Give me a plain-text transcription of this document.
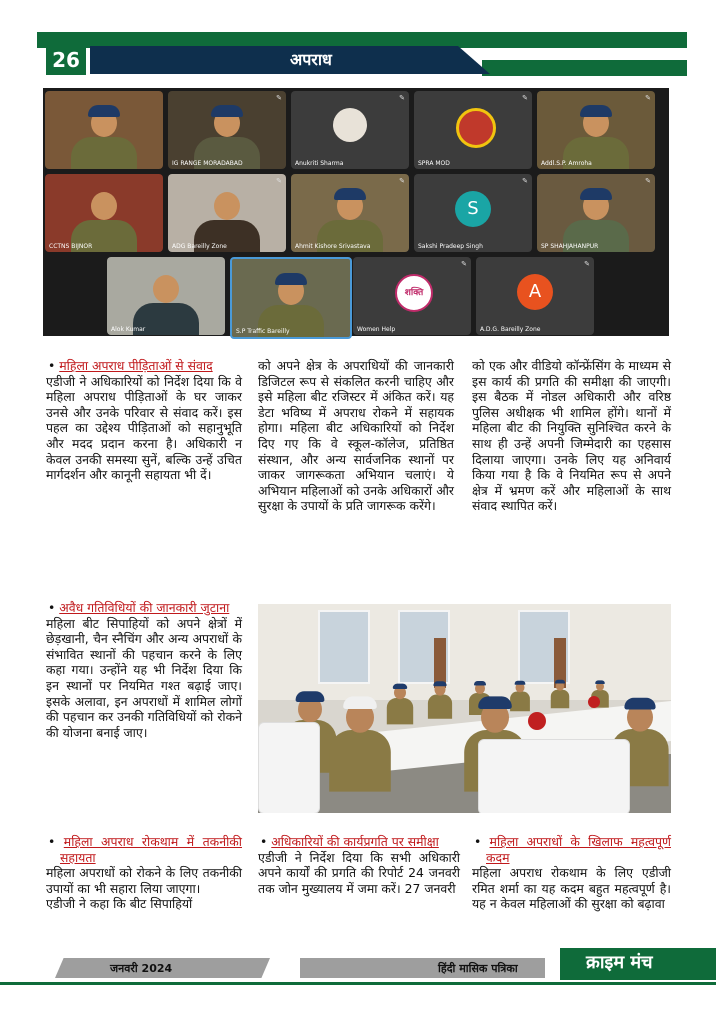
26	अपराध
✎
IG RANGE MORADABAD
✎
Anukriti Sharma
✎
SPRA MOD
✎
Addl.S.P. Amroha
CCTNS BIJNOR
✎
ADG Bareilly Zone
✎
Ahmit Kishore Srivastava
S
✎
Sakshi Pradeep Singh
✎
SP SHAHJAHANPUR
Alok Kumar	S.P Traffic Bareilly
शक्ति
✎
Women Help
A
✎
A.D.G. Bareilly Zone
• महिला अपराध पीड़िताओं से संवाद

एडीजी ने अधिकारियों को निर्देश दिया कि वे महिला अपराध पीड़िताओं के घर जाकर उनसे और उनके परिवार से संवाद करें। इस पहल का उद्देश्य पीड़िताओं को सहानुभूति और मदद प्रदान करना है। अधिकारी न केवल उनकी समस्या सुनें, बल्कि उन्हें उचित मार्गदर्शन और कानूनी सहायता भी दें।

• अवैध गतिविधियों की जानकारी जुटाना

महिला बीट सिपाहियों को अपने क्षेत्रों में छेड़खानी, चैन स्नैचिंग और अन्य अपराधों के संभावित स्थानों की पहचान करने के लिए कहा गया। उन्होंने यह भी निर्देश दिया कि इन स्थानों पर नियमित गश्त बढ़ाई जाए। इसके अलावा, इन अपराधों में शामिल लोगों की पहचान कर उनकी गतिविधियों को रोकने की योजना बनाई जाए।

• महिला अपराध रोकथाम में तकनीकी सहायता

महिला अपराधों को रोकने के लिए तकनीकी उपायों का भी सहारा लिया जाएगा।

एडीजी ने कहा कि बीट सिपाहियों

को अपने क्षेत्र के अपराधियों की जानकारी डिजिटल रूप से संकलित करनी चाहिए और इसे महिला बीट रजिस्टर में अंकित करें। यह डेटा भविष्य में अपराध रोकने में सहायक होगा। महिला बीट अधिकारियों को निर्देश दिए गए कि वे स्कूल-कॉलेज, प्रतिष्ठित संस्थान, और अन्य सार्वजनिक स्थानों पर जाकर जागरूकता अभियान चलाएं। ये अभियान महिलाओं को उनके अधिकारों और सुरक्षा के उपायों के प्रति जागरूक करेंगे।

को एक और वीडियो कॉन्फ्रेंसिंग के माध्यम से इस कार्य की प्रगति की समीक्षा की जाएगी। इस बैठक में नोडल अधिकारी और वरिष्ठ पुलिस अधीक्षक भी शामिल होंगे। थानों में महिला बीट की नियुक्ति सुनिश्चित करने के साथ ही उन्हें अपनी जिम्मेदारी का एहसास दिलाया जाएगा। उनके लिए यह अनिवार्य किया गया है कि वे नियमित रूप से अपने क्षेत्र में भ्रमण करें और महिलाओं के साथ संवाद स्थापित करें।

• अधिकारियों की कार्यप्रगति पर समीक्षा

एडीजी ने निर्देश दिया कि सभी अधिकारी अपने कार्यों की प्रगति की रिपोर्ट 24 जनवरी तक जोन मुख्यालय में जमा करें। 27 जनवरी

• महिला अपराधों के खिलाफ महत्वपूर्ण कदम

महिला अपराध रोकथाम के लिए एडीजी रमित शर्मा का यह कदम बहुत महत्वपूर्ण है। यह न केवल महिलाओं की सुरक्षा को बढ़ावा

जनवरी 2024	हिंदी मासिक पत्रिका	क्राइम मंच
